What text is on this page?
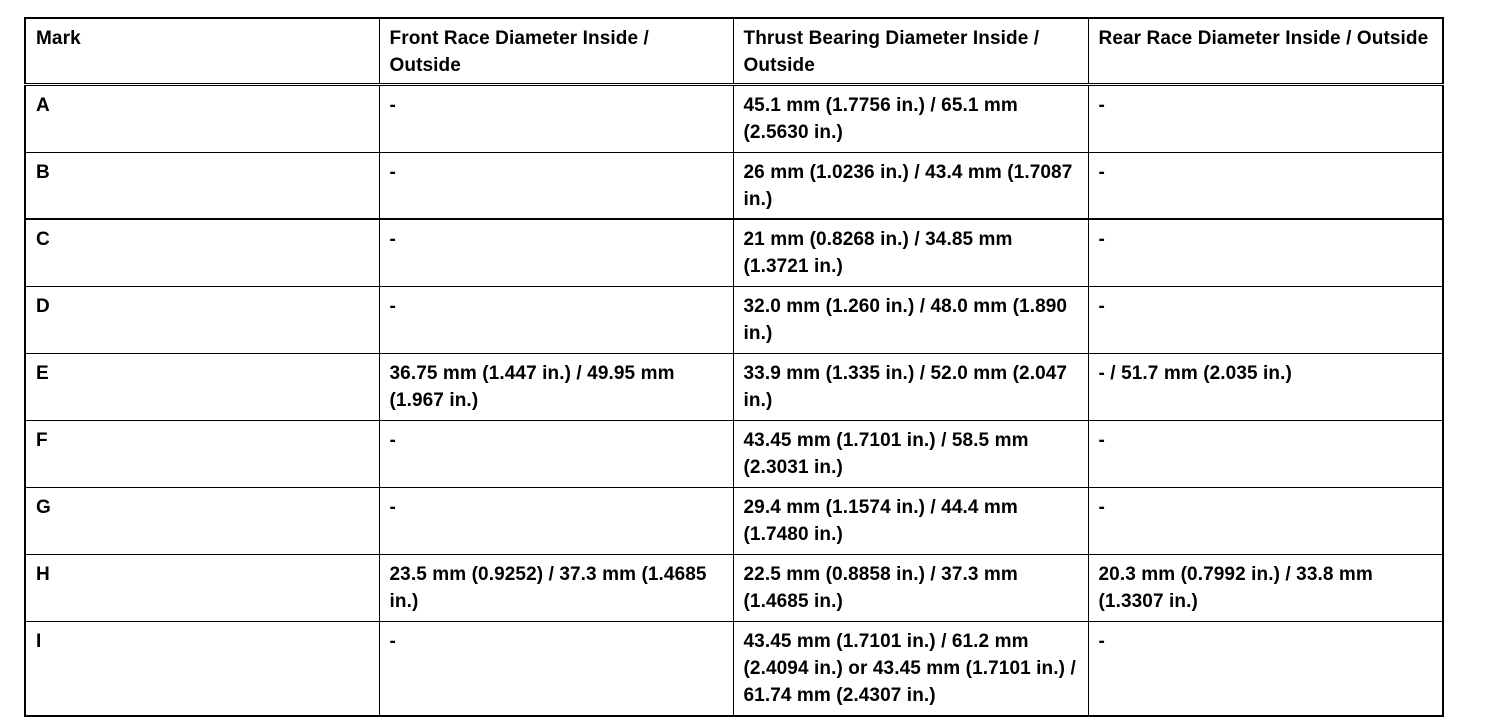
Mark	Front Race Diameter Inside / Outside	Thrust Bearing Diameter Inside / Outside	Rear Race Diameter Inside / Outside
A	-	45.1 mm (1.7756 in.) / 65.1 mm (2.5630 in.)	-
B	-	26 mm (1.0236 in.) / 43.4 mm (1.7087 in.)	-
C	-	21 mm (0.8268 in.) / 34.85 mm (1.3721 in.)	-
D	-	32.0 mm (1.260 in.) / 48.0 mm (1.890 in.)	-
E	36.75 mm (1.447 in.) / 49.95 mm (1.967 in.)	33.9 mm (1.335 in.) / 52.0 mm (2.047 in.)	- / 51.7 mm (2.035 in.)
F	-	43.45 mm (1.7101 in.) / 58.5 mm (2.3031 in.)	-
G	-	29.4 mm (1.1574 in.) / 44.4 mm (1.7480 in.)	-
H	23.5 mm (0.9252) / 37.3 mm (1.4685 in.)	22.5 mm (0.8858 in.) / 37.3 mm (1.4685 in.)	20.3 mm (0.7992 in.) / 33.8 mm (1.3307 in.)
I	-	43.45 mm (1.7101 in.) / 61.2 mm (2.4094 in.) or 43.45 mm (1.7101 in.) / 61.74 mm (2.4307 in.)	-
